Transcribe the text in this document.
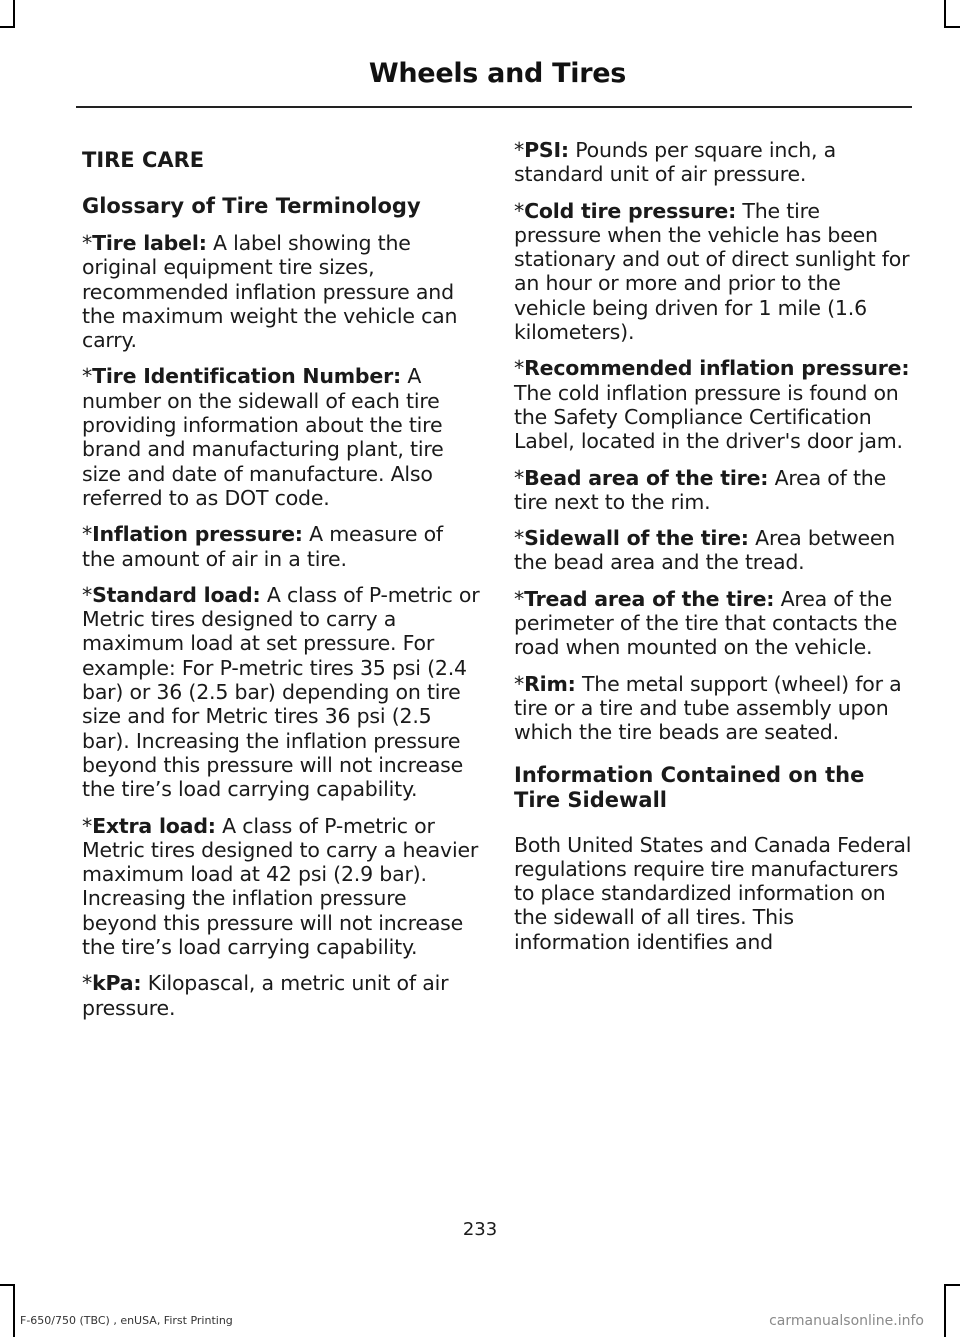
Wheels and Tires
TIRE CARE
Glossary of Tire Terminology

*Tire label: A label showing the original equipment tire sizes, recommended inflation pressure and the maximum weight the vehicle can carry.

*Tire Identification Number: A number on the sidewall of each tire providing information about the tire brand and manufacturing plant, tire size and date of manufacture. Also referred to as DOT code.

*Inflation pressure: A measure of the amount of air in a tire.

*Standard load: A class of P-metric or Metric tires designed to carry a maximum load at set pressure. For example: For P-metric tires 35 psi (2.4 bar) or 36 (2.5 bar) depending on tire size and for Metric tires 36 psi (2.5 bar). Increasing the inflation pressure beyond this pressure will not increase the tire’s load carrying capability.

*Extra load: A class of P-metric or Metric tires designed to carry a heavier maximum load at 42 psi (2.9 bar). Increasing the inflation pressure beyond this pressure will not increase the tire’s load carrying capability.

*kPa: Kilopascal, a metric unit of air pressure.

*PSI: Pounds per square inch, a standard unit of air pressure.

*Cold tire pressure: The tire pressure when the vehicle has been stationary and out of direct sunlight for an hour or more and prior to the vehicle being driven for 1 mile (1.6 kilometers).

*Recommended inflation pressure: The cold inflation pressure is found on the Safety Compliance Certification Label, located in the driver's door jam.

*Bead area of the tire: Area of the tire next to the rim.

*Sidewall of the tire: Area between the bead area and the tread.

*Tread area of the tire: Area of the perimeter of the tire that contacts the road when mounted on the vehicle.

*Rim: The metal support (wheel) for a tire or a tire and tube assembly upon which the tire beads are seated.

Information Contained on the Tire Sidewall

Both United States and Canada Federal regulations require tire manufacturers to place standardized information on the sidewall of all tires. This information identifies and

233
F-650/750 (TBC) , enUSA, First Printing	carmanualsonline.info
